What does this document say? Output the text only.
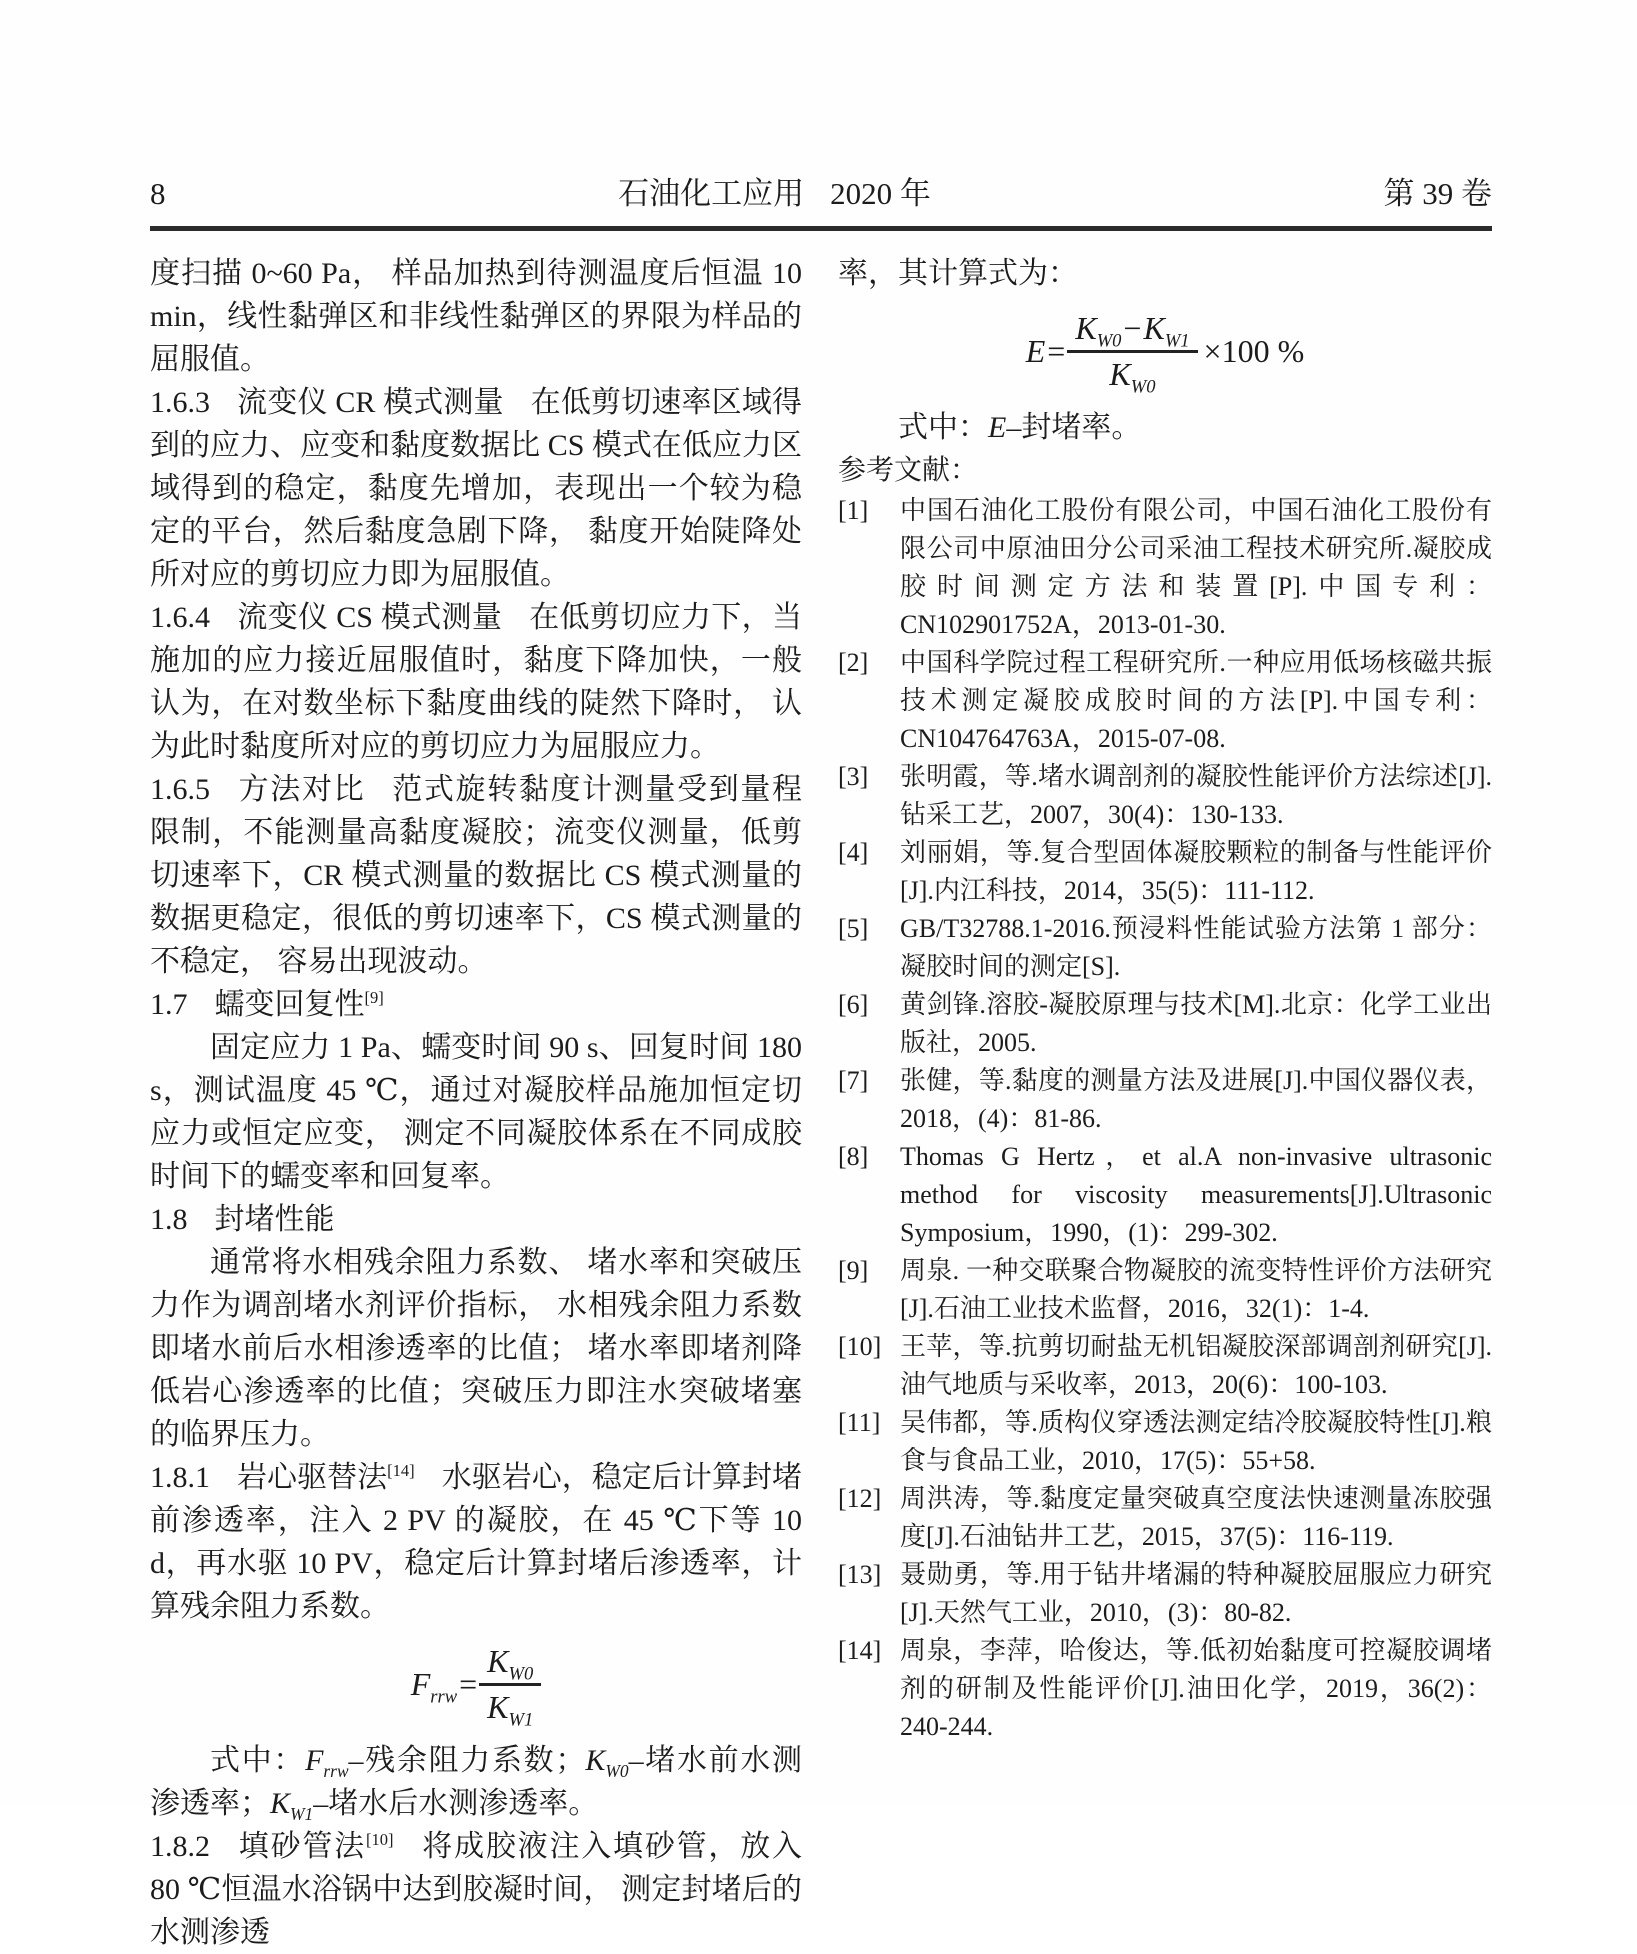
8	石油化工应用 2020 年	第 39 卷

度扫描 0~60 Pa， 样品加热到待测温度后恒温 10 min，线性黏弹区和非线性黏弹区的界限为样品的屈服值。

1.6.3 流变仪 CR 模式测量 在低剪切速率区域得到的应力、应变和黏度数据比 CS 模式在低应力区域得到的稳定，黏度先增加，表现出一个较为稳定的平台，然后黏度急剧下降， 黏度开始陡降处所对应的剪切应力即为屈服值。

1.6.4 流变仪 CS 模式测量 在低剪切应力下，当施加的应力接近屈服值时，黏度下降加快，一般认为，在对数坐标下黏度曲线的陡然下降时， 认为此时黏度所对应的剪切应力为屈服应力。

1.6.5 方法对比 范式旋转黏度计测量受到量程限制，不能测量高黏度凝胶；流变仪测量，低剪切速率下，CR 模式测量的数据比 CS 模式测量的数据更稳定，很低的剪切速率下，CS 模式测量的不稳定， 容易出现波动。

1.7 蠕变回复性[9]

固定应力 1 Pa、蠕变时间 90 s、回复时间 180 s，测试温度 45 ℃，通过对凝胶样品施加恒定切应力或恒定应变， 测定不同凝胶体系在不同成胶时间下的蠕变率和回复率。

1.8 封堵性能

通常将水相残余阻力系数、 堵水率和突破压力作为调剖堵水剂评价指标， 水相残余阻力系数即堵水前后水相渗透率的比值； 堵水率即堵剂降低岩心渗透率的比值；突破压力即注水突破堵塞的临界压力。

1.8.1 岩心驱替法[14] 水驱岩心，稳定后计算封堵前渗透率，注入 2 PV 的凝胶，在 45 ℃下等 10 d，再水驱 10 PV，稳定后计算封堵后渗透率，计算残余阻力系数。

$F_{rrw} = \frac{K_{W0}}{K_{W1}}$

式中：$F_{rrw}-$残余阻力系数；$K_{W0}-$堵水前水测渗透率；$K_{W1}-$堵水后水测渗透率。

1.8.2 填砂管法[10] 将成胶液注入填砂管，放入 80 ℃恒温水浴锅中达到胶凝时间， 测定封堵后的水测渗透

率，其计算式为：

$E = \frac{K_{W0}-K_{W1}}{K_{W0}} \times 100$ %

式中：E–封堵率。

参考文献：

[1]	中国石油化工股份有限公司，中国石油化工股份有限公司中原油田分公司采油工程技术研究所.凝胶成胶时间测定方法和装置[P].中国专利：CN102901752A，2013-01-30.
[2]	中国科学院过程工程研究所.一种应用低场核磁共振技术测定凝胶成胶时间的方法[P].中国专利：CN104764763A，2015-07-08.
[3]	张明霞，等.堵水调剖剂的凝胶性能评价方法综述[J].钻采工艺，2007，30(4)：130-133.
[4]	刘丽娟，等.复合型固体凝胶颗粒的制备与性能评价[J].内江科技，2014，35(5)：111-112.
[5]	GB/T32788.1-2016.预浸料性能试验方法第 1 部分：凝胶时间的测定[S].
[6]	黄剑锋.溶胶-凝胶原理与技术[M].北京：化学工业出版社，2005.
[7]	张健，等.黏度的测量方法及进展[J].中国仪器仪表，2018，(4)：81-86.
[8]	Thomas G Hertz，et al.A non-invasive ultrasonic method for viscosity measurements[J].Ultrasonic Symposium，1990，(1)：299-302.
[9]	周泉. 一种交联聚合物凝胶的流变特性评价方法研究[J].石油工业技术监督，2016，32(1)：1-4.
[10] 王苹，等.抗剪切耐盐无机铝凝胶深部调剖剂研究[J].油气地质与采收率，2013，20(6)：100-103.
[11] 吴伟都，等.质构仪穿透法测定结冷胶凝胶特性[J].粮食与食品工业，2010，17(5)：55+58.
[12] 周洪涛，等.黏度定量突破真空度法快速测量冻胶强度[J].石油钻井工艺，2015，37(5)：116-119.
[13] 聂勋勇，等.用于钻井堵漏的特种凝胶屈服应力研究[J].天然气工业，2010，(3)：80-82.
[14] 周泉，李萍，哈俊达，等.低初始黏度可控凝胶调堵剂的研制及性能评价[J].油田化学，2019，36(2)：240-244.
